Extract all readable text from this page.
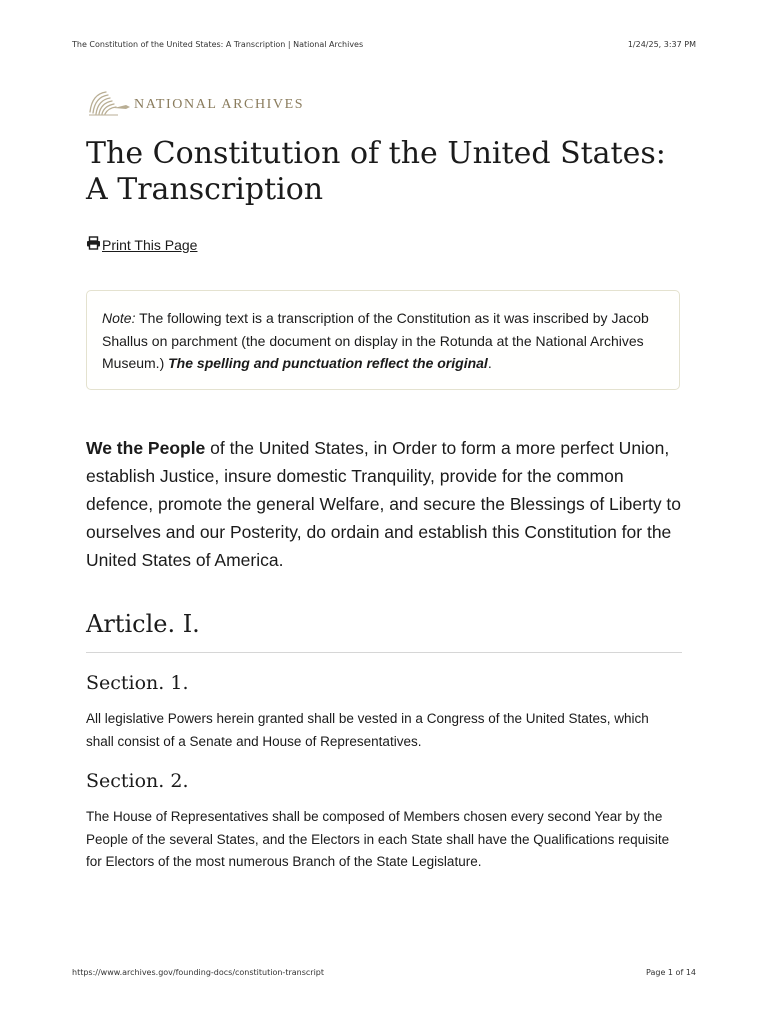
The Constitution of the United States: A Transcription | National Archives	1/24/25, 3:37 PM
NATIONAL ARCHIVES
The Constitution of the United States: A Transcription
Print This Page
Note: The following text is a transcription of the Constitution as it was inscribed by Jacob Shallus on parchment (the document on display in the Rotunda at the National Archives Museum.) The spelling and punctuation reflect the original.

We the People of the United States, in Order to form a more perfect Union, establish Justice, insure domestic Tranquility, provide for the common defence, promote the general Welfare, and secure the Blessings of Liberty to ourselves and our Posterity, do ordain and establish this Constitution for the United States of America.

Article. I.
Section. 1.

All legislative Powers herein granted shall be vested in a Congress of the United States, which shall consist of a Senate and House of Representatives.

Section. 2.

The House of Representatives shall be composed of Members chosen every second Year by the People of the several States, and the Electors in each State shall have the Qualifications requisite for Electors of the most numerous Branch of the State Legislature.

https://www.archives.gov/founding-docs/constitution-transcript	Page 1 of 14
